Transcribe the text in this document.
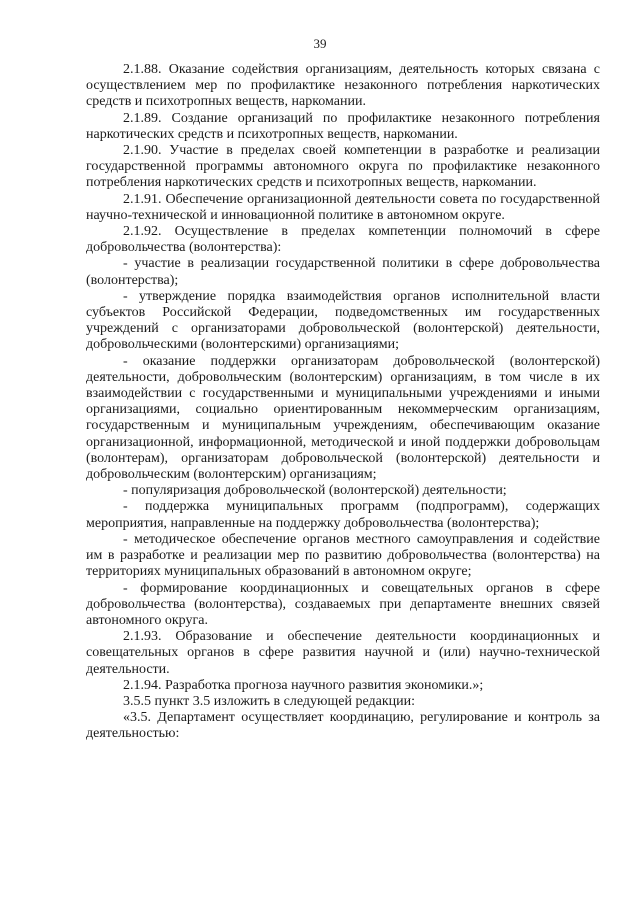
39

2.1.88. Оказание содействия организациям, деятельность которых связана с осуществлением мер по профилактике незаконного потребления наркотических средств и психотропных веществ, наркомании.

2.1.89. Создание организаций по профилактике незаконного потребления наркотических средств и психотропных веществ, наркомании.

2.1.90. Участие в пределах своей компетенции в разработке и реализации государственной программы автономного округа по профилактике незаконного потребления наркотических средств и психотропных веществ, наркомании.

2.1.91. Обеспечение организационной деятельности совета по государственной научно-технической и инновационной политике в автономном округе.

2.1.92. Осуществление в пределах компетенции полномочий в сфере добровольчества (волонтерства):

- участие в реализации государственной политики в сфере добровольчества (волонтерства);

- утверждение порядка взаимодействия органов исполнительной власти субъектов Российской Федерации, подведомственных им государственных учреждений с организаторами добровольческой (волонтерской) деятельности, добровольческими (волонтерскими) организациями;

- оказание поддержки организаторам добровольческой (волонтерской) деятельности, добровольческим (волонтерским) организациям, в том числе в их взаимодействии с государственными и муниципальными учреждениями и иными организациями, социально ориентированным некоммерческим организациям, государственным и муниципальным учреждениям, обеспечивающим оказание организационной, информационной, методической и иной поддержки добровольцам (волонтерам), организаторам добровольческой (волонтерской) деятельности и добровольческим (волонтерским) организациям;

- популяризация добровольческой (волонтерской) деятельности;

- поддержка муниципальных программ (подпрограмм), содержащих мероприятия, направленные на поддержку добровольчества (волонтерства);

- методическое обеспечение органов местного самоуправления и содействие им в разработке и реализации мер по развитию добровольчества (волонтерства) на территориях муниципальных образований в автономном округе;

- формирование координационных и совещательных органов в сфере добровольчества (волонтерства), создаваемых при департаменте внешних связей автономного округа.

2.1.93. Образование и обеспечение деятельности координационных и совещательных органов в сфере развития научной и (или) научно-технической деятельности.

2.1.94. Разработка прогноза научного развития экономики.»;

3.5.5 пункт 3.5 изложить в следующей редакции:

«3.5. Департамент осуществляет координацию, регулирование и контроль за деятельностью:
